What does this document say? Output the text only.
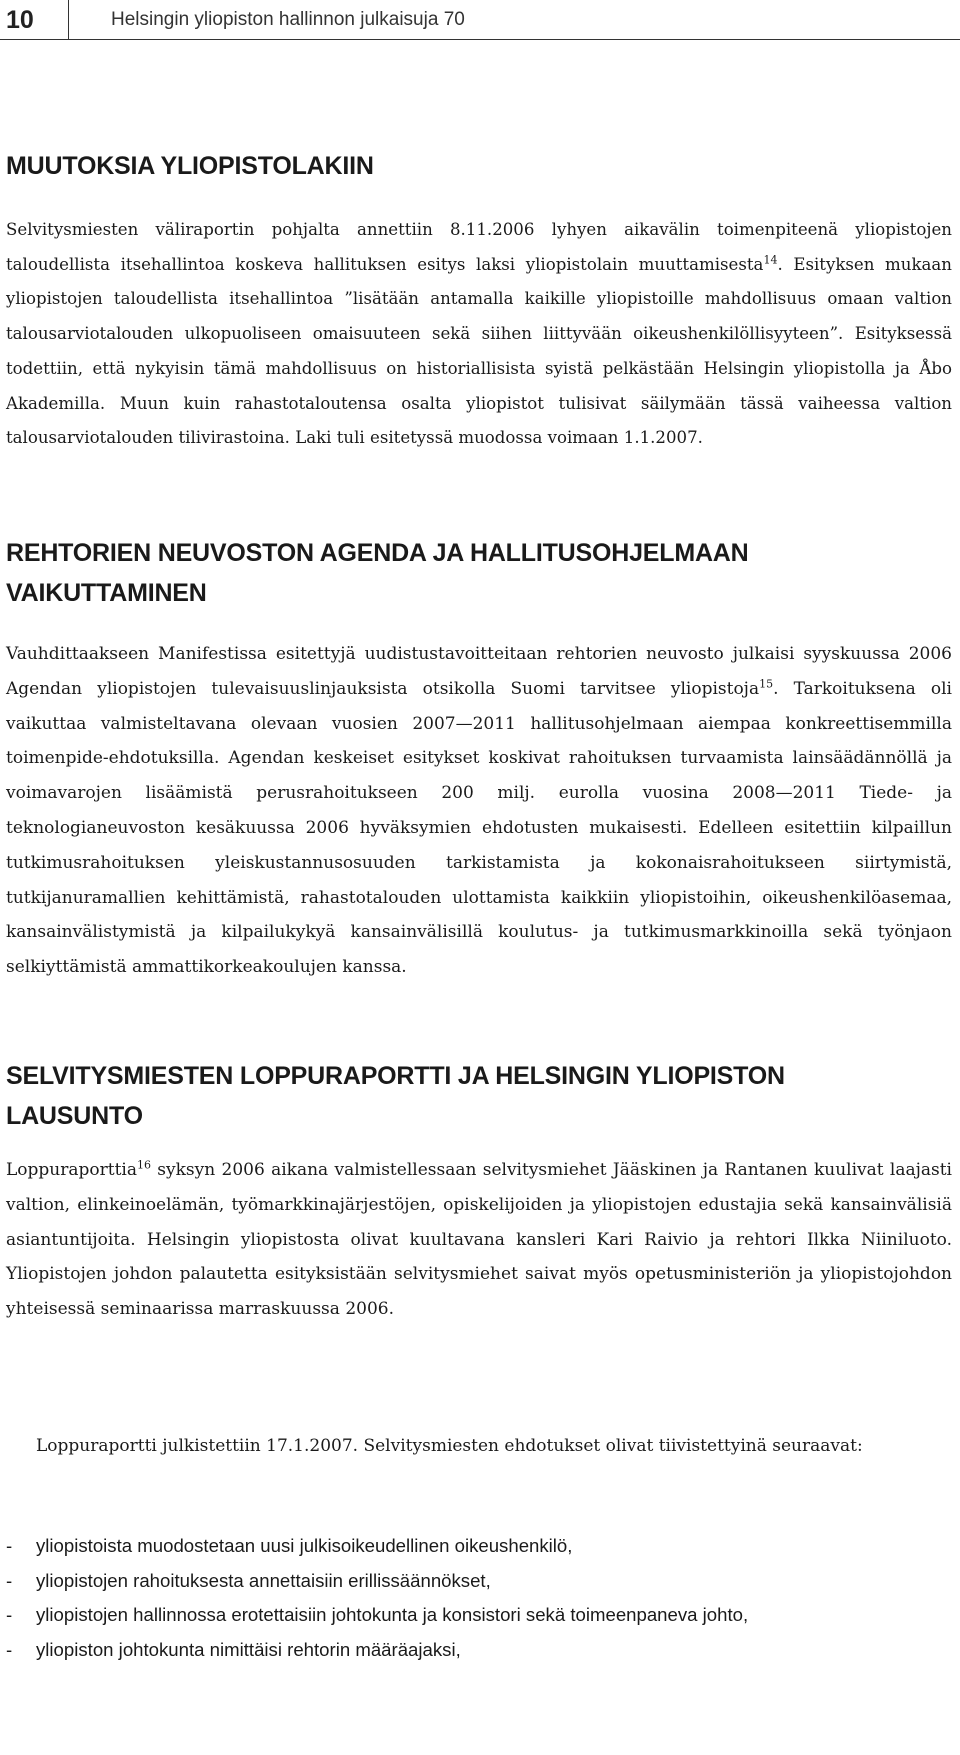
10	Helsingin yliopiston hallinnon julkaisuja 70
MUUTOKSIA YLIOPISTOLAKIIN

Selvitysmiesten väliraportin pohjalta annettiin 8.11.2006 lyhyen aikavälin toimenpiteenä yliopistojen taloudellista itsehallintoa koskeva hallituksen esitys laksi yliopistolain muuttamisesta$^{14}$. Esityksen mukaan yliopistojen taloudellista itsehallintoa ”lisätään antamalla kaikille yliopistoille mahdollisuus omaan valtion talousarviotalouden ulkopuoliseen omaisuuteen sekä siihen liittyvään oikeushenkilöllisyyteen”. Esityksessä todettiin, että nykyisin tämä mahdollisuus on historiallisista syistä pelkästään Helsingin yliopistolla ja Åbo Akademilla. Muun kuin rahastotaloutensa osalta yliopistot tulisivat säilymään tässä vaiheessa valtion talousarviotalouden tilivirastoina. Laki tuli esitetyssä muodossa voimaan 1.1.2007.

REHTORIEN NEUVOSTON AGENDA JA HALLITUSOHJELMAAN VAIKUTTAMINEN

Vauhdittaakseen Manifestissa esitettyjä uudistustavoitteitaan rehtorien neuvosto julkaisi syyskuussa 2006 Agendan yliopistojen tulevaisuuslinjauksista otsikolla Suomi tarvitsee yliopistoja$^{15}$. Tarkoituksena oli vaikuttaa valmisteltavana olevaan vuosien 2007—2011 hallitusohjelmaan aiempaa konkreettisemmilla toimenpide-ehdotuksilla. Agendan keskeiset esitykset koskivat rahoituksen turvaamista lainsäädännöllä ja voimavarojen lisäämistä perusrahoitukseen 200 milj. eurolla vuosina 2008—2011 Tiede- ja teknologianeuvoston kesäkuussa 2006 hyväksymien ehdotusten mukaisesti. Edelleen esitettiin kilpaillun tutkimusrahoituksen yleiskustannusosuuden tarkistamista ja kokonaisrahoitukseen siirtymistä, tutkijanuramallien kehittämistä, rahastotalouden ulottamista kaikkiin yliopistoihin, oikeushenkilöasemaa, kansainvälistymistä ja kilpailukykyä kansainvälisillä koulutus- ja tutkimusmarkkinoilla sekä työnjaon selkiyttämistä ammattikorkeakoulujen kanssa.

SELVITYSMIESTEN LOPPURAPORTTI JA HELSINGIN YLIOPISTON LAUSUNTO

Loppuraporttia$^{16}$ syksyn 2006 aikana valmistellessaan selvitysmiehet Jääskinen ja Rantanen kuulivat laajasti valtion, elinkeinoelämän, työmarkkinajärjestöjen, opiskelijoiden ja yliopistojen edustajia sekä kansainvälisiä asiantuntijoita. Helsingin yliopistosta olivat kuultavana kansleri Kari Raivio ja rehtori Ilkka Niiniluoto. Yliopistojen johdon palautetta esityksistään selvitysmiehet saivat myös opetusministeriön ja yliopistojohdon yhteisessä seminaarissa marraskuussa 2006.

Loppuraportti julkistettiin 17.1.2007. Selvitysmiesten ehdotukset olivat tiivistettyinä seuraavat:

- yliopistoista muodostetaan uusi julkisoikeudellinen oikeushenkilö,
- yliopistojen rahoituksesta annettaisiin erillissäännökset,
- yliopistojen hallinnossa erotettaisiin johtokunta ja konsistori sekä toimeenpaneva johto,
- yliopiston johtokunta nimittäisi rehtorin määräajaksi,
